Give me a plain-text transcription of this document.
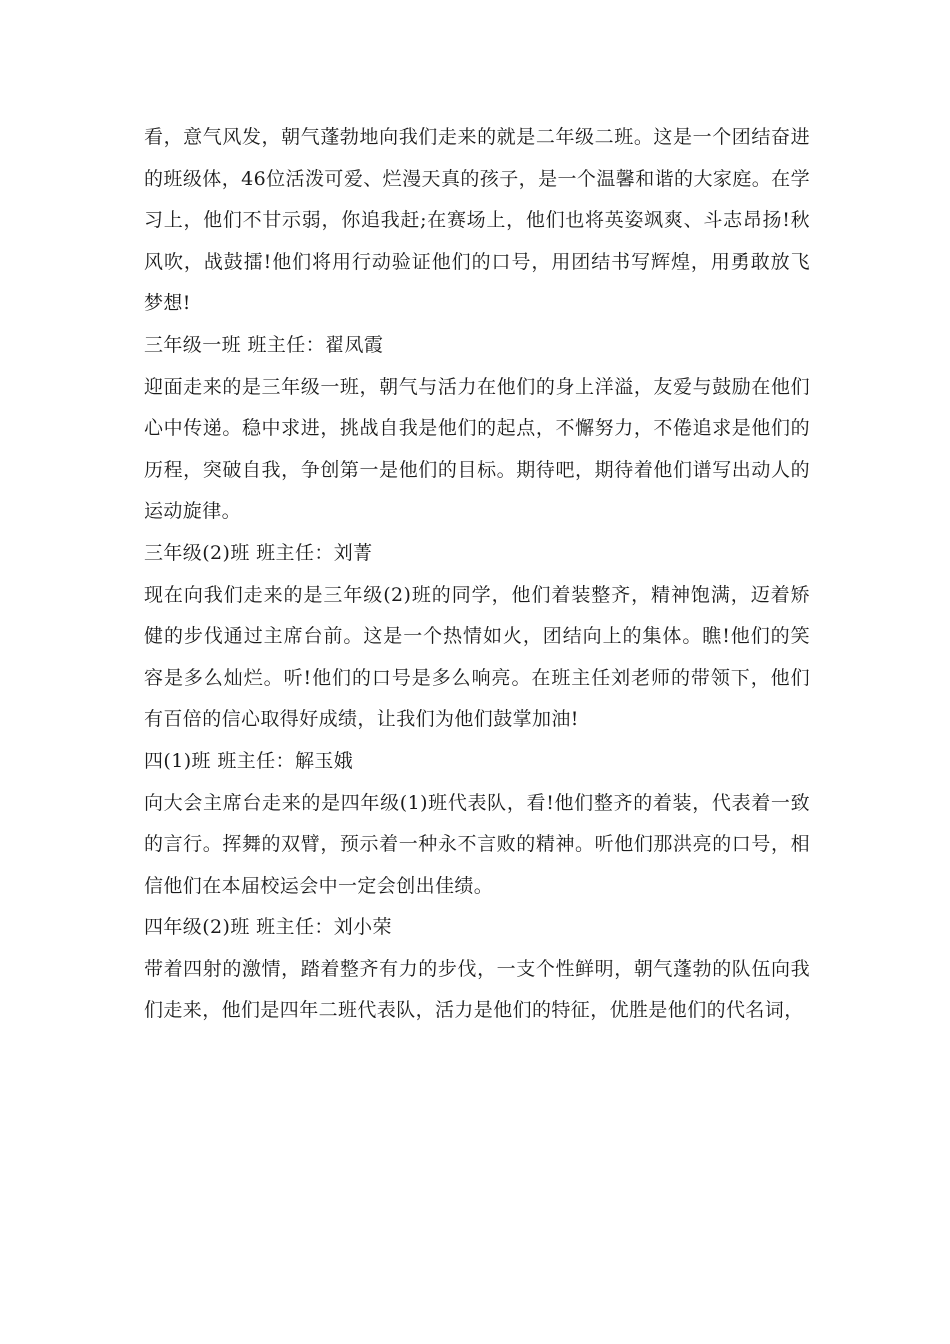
看，意气风发，朝气蓬勃地向我们走来的就是二年级二班。这是一个团结奋进的班级体，46位活泼可爱、烂漫天真的孩子，是一个温馨和谐的大家庭。在学习上，他们不甘示弱，你追我赶;在赛场上，他们也将英姿飒爽、斗志昂扬!秋风吹，战鼓擂!他们将用行动验证他们的口号，用团结书写辉煌，用勇敢放飞梦想!

三年级一班 班主任：翟凤霞

迎面走来的是三年级一班，朝气与活力在他们的身上洋溢，友爱与鼓励在他们心中传递。稳中求进，挑战自我是他们的起点，不懈努力，不倦追求是他们的历程，突破自我，争创第一是他们的目标。期待吧，期待着他们谱写出动人的运动旋律。

三年级(2)班 班主任：刘菁

现在向我们走来的是三年级(2)班的同学，他们着装整齐，精神饱满，迈着矫健的步伐通过主席台前。这是一个热情如火，团结向上的集体。瞧!他们的笑容是多么灿烂。听!他们的口号是多么响亮。在班主任刘老师的带领下，他们有百倍的信心取得好成绩，让我们为他们鼓掌加油!

四(1)班 班主任：解玉娥

向大会主席台走来的是四年级(1)班代表队，看!他们整齐的着装，代表着一致的言行。挥舞的双臂，预示着一种永不言败的精神。听他们那洪亮的口号，相信他们在本届校运会中一定会创出佳绩。

四年级(2)班 班主任：刘小荣

带着四射的激情，踏着整齐有力的步伐，一支个性鲜明，朝气蓬勃的队伍向我们走来，他们是四年二班代表队，活力是他们的特征，优胜是他们的代名词，
